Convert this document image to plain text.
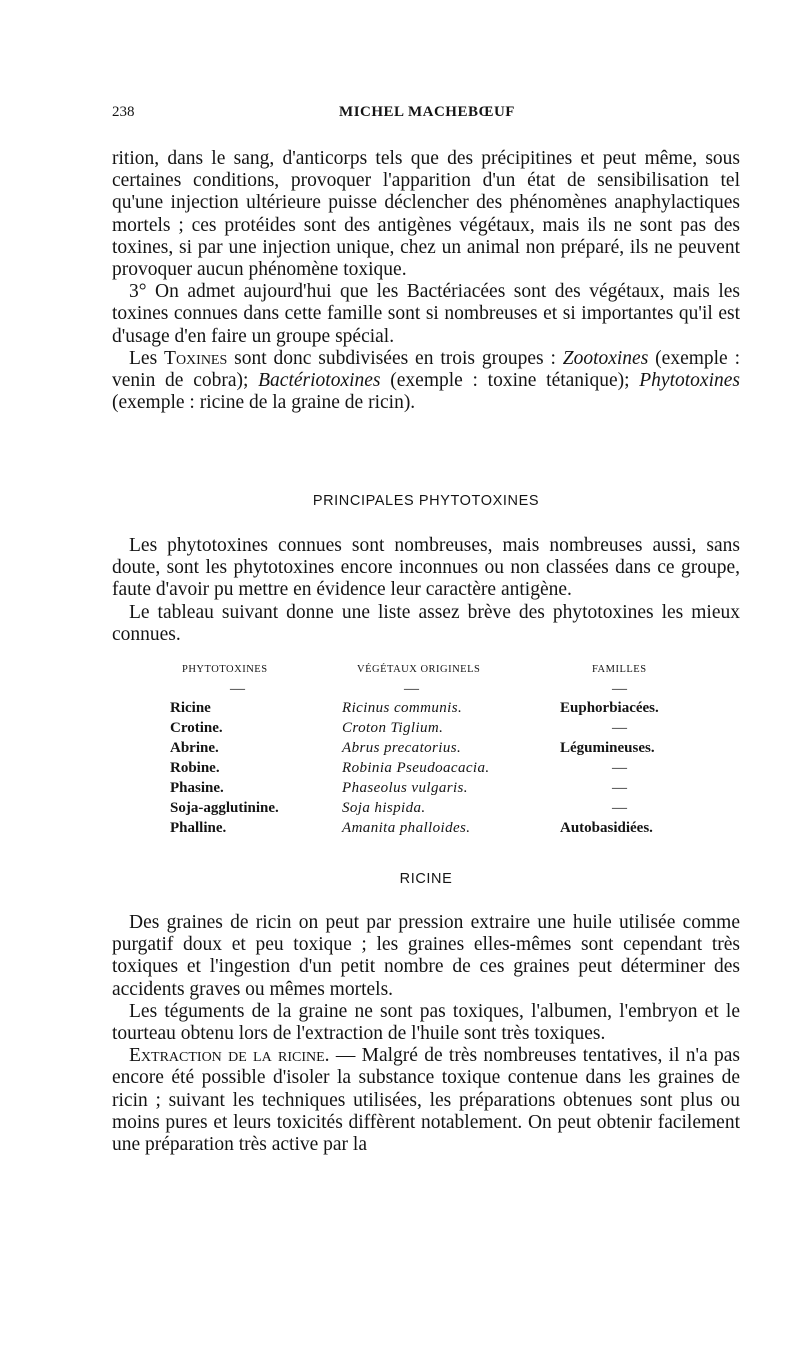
238	MICHEL MACHEBŒUF

rition, dans le sang, d'anticorps tels que des précipitines et peut même, sous certaines conditions, provoquer l'apparition d'un état de sensibilisation tel qu'une injection ultérieure puisse déclencher des phénomènes anaphylactiques mortels ; ces protéides sont des antigènes végétaux, mais ils ne sont pas des toxines, si par une injection unique, chez un animal non préparé, ils ne peuvent provoquer aucun phénomène toxique.

3° On admet aujourd'hui que les Bactériacées sont des végétaux, mais les toxines connues dans cette famille sont si nombreuses et si importantes qu'il est d'usage d'en faire un groupe spécial.

Les Toxines sont donc subdivisées en trois groupes : Zootoxines (exemple : venin de cobra); Bactériotoxines (exemple : toxine tétanique); Phytotoxines (exemple : ricine de la graine de ricin).

PRINCIPALES PHYTOTOXINES

Les phytotoxines connues sont nombreuses, mais nombreuses aussi, sans doute, sont les phytotoxines encore inconnues ou non classées dans ce groupe, faute d'avoir pu mettre en évidence leur caractère antigène.

Le tableau suivant donne une liste assez brève des phytotoxines les mieux connues.

PHYTOTOXINES	VÉGÉTAUX ORIGINELS	FAMILLES
—	—	—
Ricine	Ricinus communis.	Euphorbiacées.
Crotine.	Croton Tiglium.	—
Abrine.	Abrus precatorius.	Légumineuses.
Robine.	Robinia Pseudoacacia.	—
Phasine.	Phaseolus vulgaris.	—
Soja-agglutinine.	Soja hispida.	—
Phalline.	Amanita phalloides.	Autobasidiées.
RICINE

Des graines de ricin on peut par pression extraire une huile utilisée comme purgatif doux et peu toxique ; les graines elles-mêmes sont cependant très toxiques et l'ingestion d'un petit nombre de ces graines peut déterminer des accidents graves ou mêmes mortels.

Les téguments de la graine ne sont pas toxiques, l'albumen, l'embryon et le tourteau obtenu lors de l'extraction de l'huile sont très toxiques.

Extraction de la ricine. — Malgré de très nombreuses tentatives, il n'a pas encore été possible d'isoler la substance toxique contenue dans les graines de ricin ; suivant les techniques utilisées, les préparations obtenues sont plus ou moins pures et leurs toxicités diffèrent notablement. On peut obtenir facilement une préparation très active par la
